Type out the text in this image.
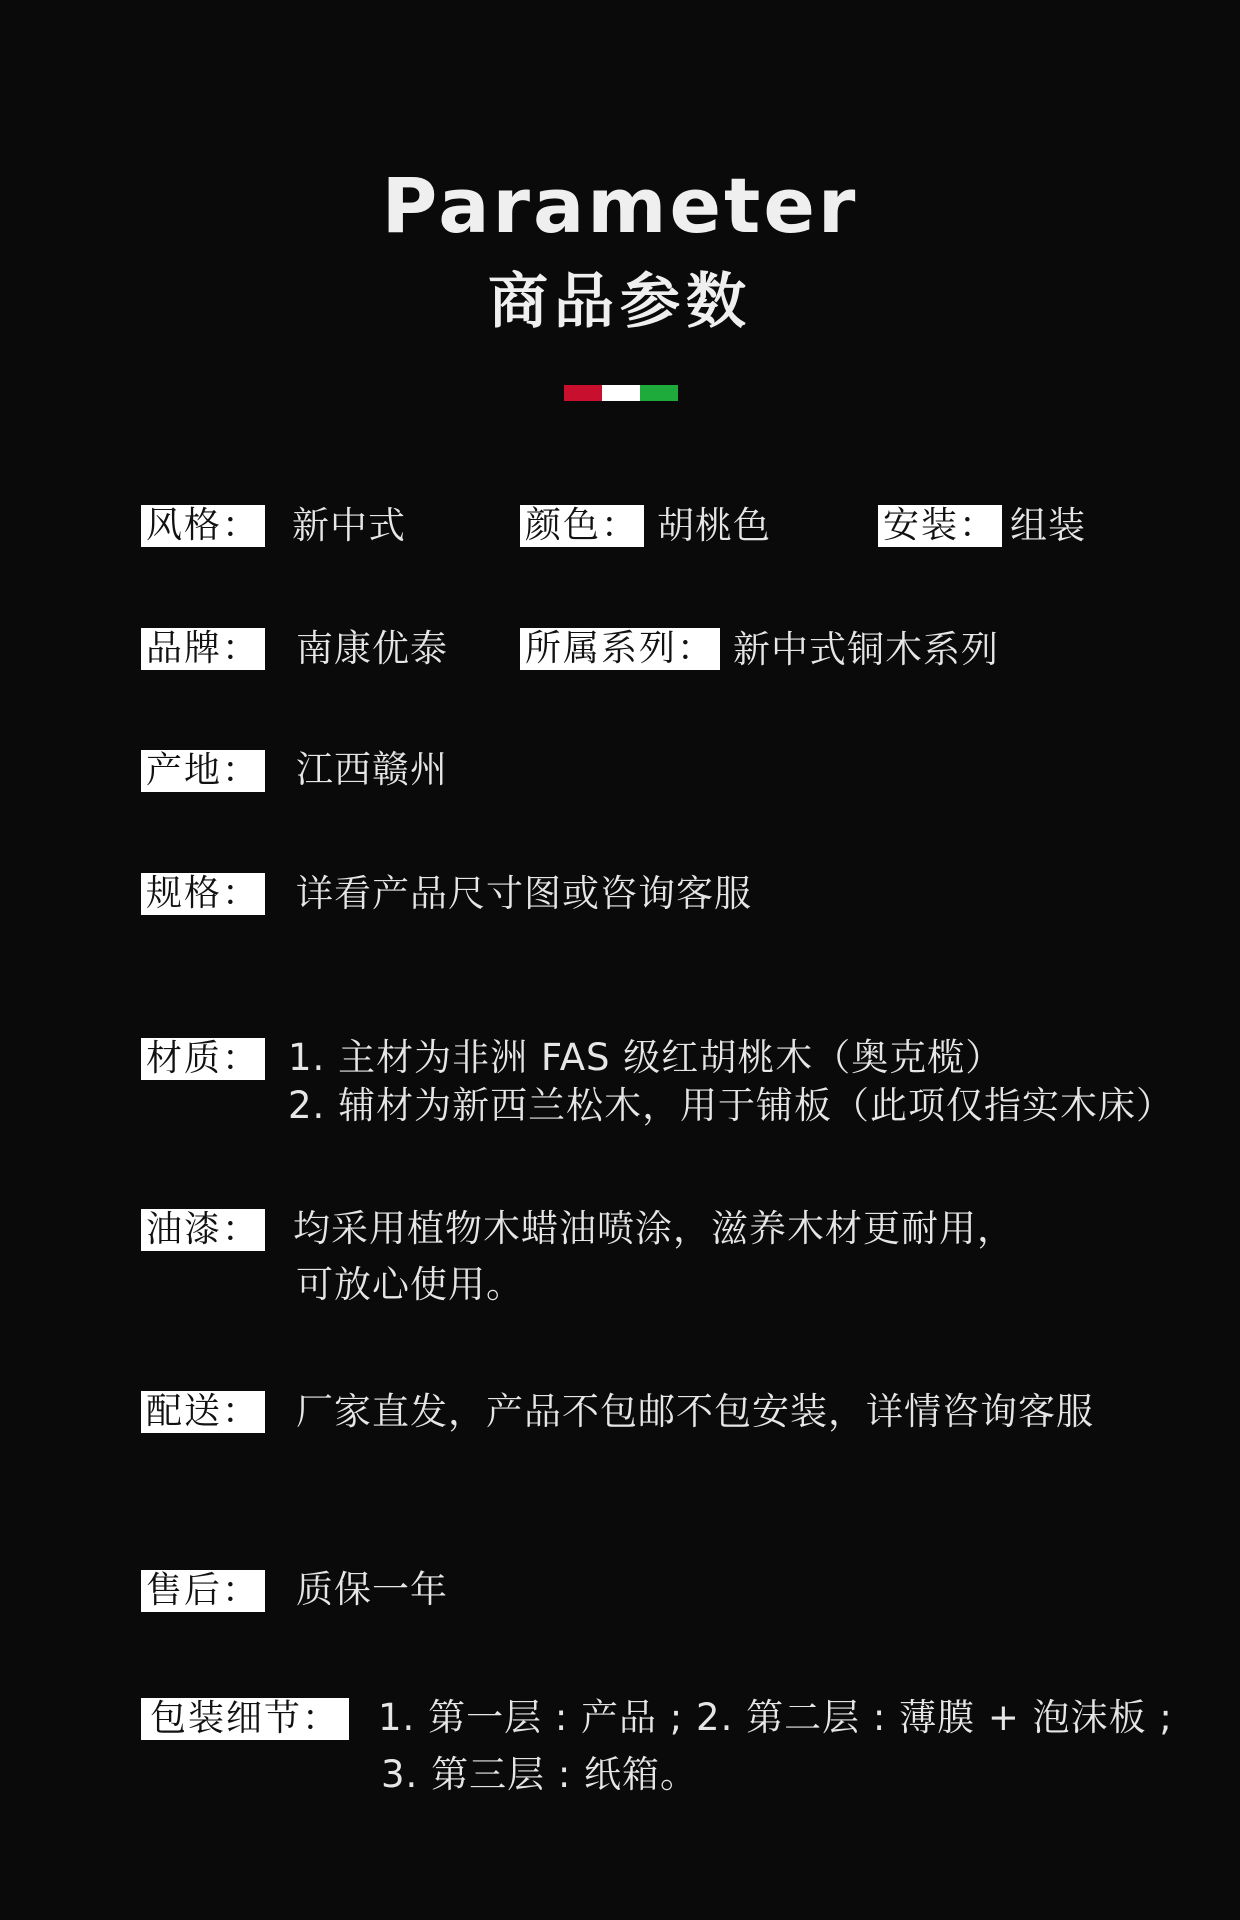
Parameter
商品参数
风格： 新中式	颜色： 胡桃色	安装： 组装
品牌： 南康优泰 所属系列： 新中式铜木系列
产地： 江西赣州
规格： 详看产品尺寸图或咨询客服
材质： 1. 主材为非洲 FAS 级红胡桃木（奥克榄）
2. 辅材为新西兰松木，用于铺板（此项仅指实木床）
油漆： 均采用植物木蜡油喷涂，滋养木材更耐用，
可放心使用。
配送： 厂家直发，产品不包邮不包安装，详情咨询客服
售后： 质保一年
包装细节： 1. 第一层 : 产品 ; 2. 第二层 : 薄膜 + 泡沫板 ;
3. 第三层 : 纸箱。
